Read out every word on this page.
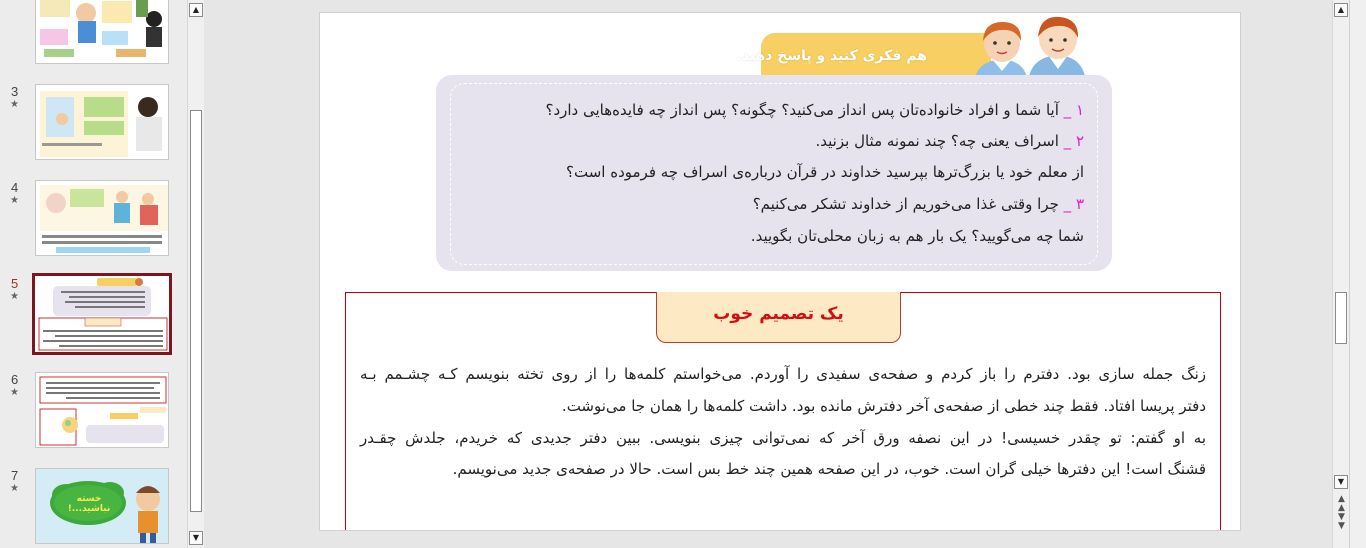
3
★
4
★
5
★
6
★
7
★
خسته نباشید...!
▲
▼
هم فکری کنید و پاسخ دهید.
۱ _ آیا شما و افراد خانواده‌تان پس انداز می‌کنید؟ چگونه؟ پس انداز چه فایده‌هایی دارد؟
۲ _ اسراف یعنی چه؟ چند نمونه مثال بزنید.
از معلم خود یا بزرگ‌ترها بپرسید خداوند در قرآن درباره‌ی اسراف چه فرموده است؟
۳ _ چرا وقتی غذا می‌خوریم از خداوند تشکر می‌کنیم؟
شما چه می‌گویید؟ یک بار هم به زبان محلی‌تان بگویید.
یک تصمیم خوب
زنگ جمله سازی بود. دفترم را باز کردم و صفحه‌ی سفیدی را آوردم. می‌خواستم کلمه‌ها را از روی تخته بنویسم کـه چشـمم بـه
دفتر پریسا افتاد. فقط چند خطی از صفحه‌ی آخر دفترش مانده بود. داشت کلمه‌ها را همان جا می‌نوشت.
به او گفتم: تو چقدر خسیسی! در این نصفه ورق آخر که نمی‌توانی چیزی بنویسی. ببین دفتر جدیدی که خریدم، جلدش چقـدر
قشنگ است! این دفترها خیلی گران است. خوب، در این صفحه همین چند خط بس است. حالا در صفحه‌ی جدید می‌نویسم.
▲
▼
▲
▲
▼
▼
